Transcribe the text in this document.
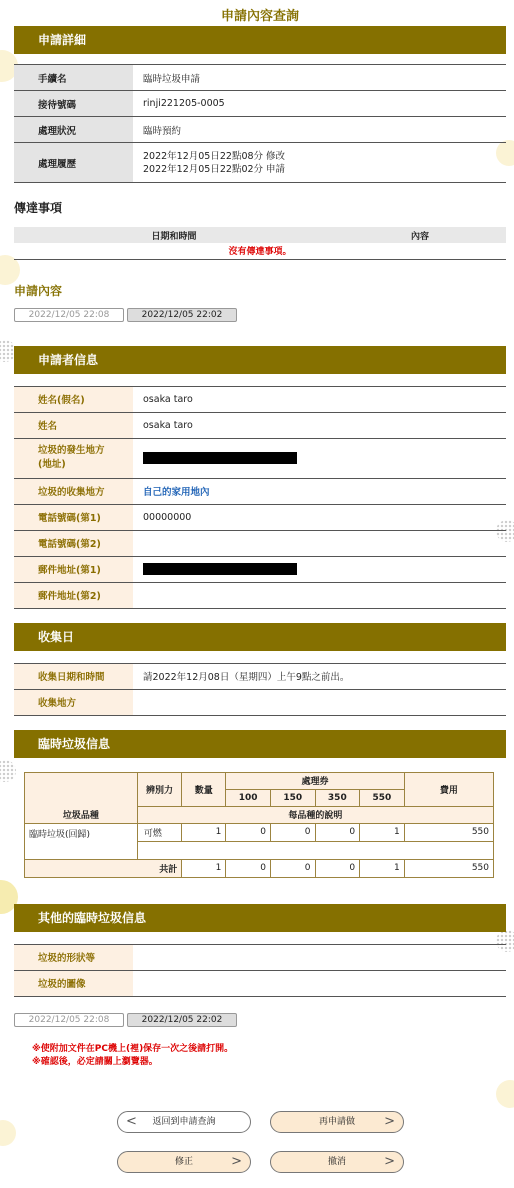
申請內容查詢
申請詳細
手續名	臨時垃圾申請
接待號碼	rinji221205-0005
處理狀況	臨時預約
處理履歷	2022年12月05日22點08分 修改
2022年12月05日22點02分 申請
傳達事項
日期和時間	內容
沒有傳達事項。
申請內容
2022/12/05 22:08	2022/12/05 22:02
申請者信息
姓名(假名)	osaka taro
姓名	osaka taro

垃圾的發生地方
(地址)	

垃圾的收集地方	自己的家用地內
電話號碼(第1)	00000000
電話號碼(第2)	
郵件地址(第1)	
郵件地址(第2)	
收集日
收集日期和時間	請2022年12月08日（星期四）上午9點之前出。
收集地方	
臨時垃圾信息
垃圾品種	辨別力	數量	處理券				費用
			100	150	350	550	
	每品種的說明						
臨時垃圾(回歸)	可燃	1	0	0	0	1	550

共計		1	0	0	0	1	550
其他的臨時垃圾信息
垃圾的形狀等	
垃圾的圖像	
2022/12/05 22:08	2022/12/05 22:02
※使附加文件在PC機上(裡)保存一次之後請打開。
※確認後，必定請關上瀏覽器。
< 返回到申請查詢	再申請做 >
修正	>	撤消	>
